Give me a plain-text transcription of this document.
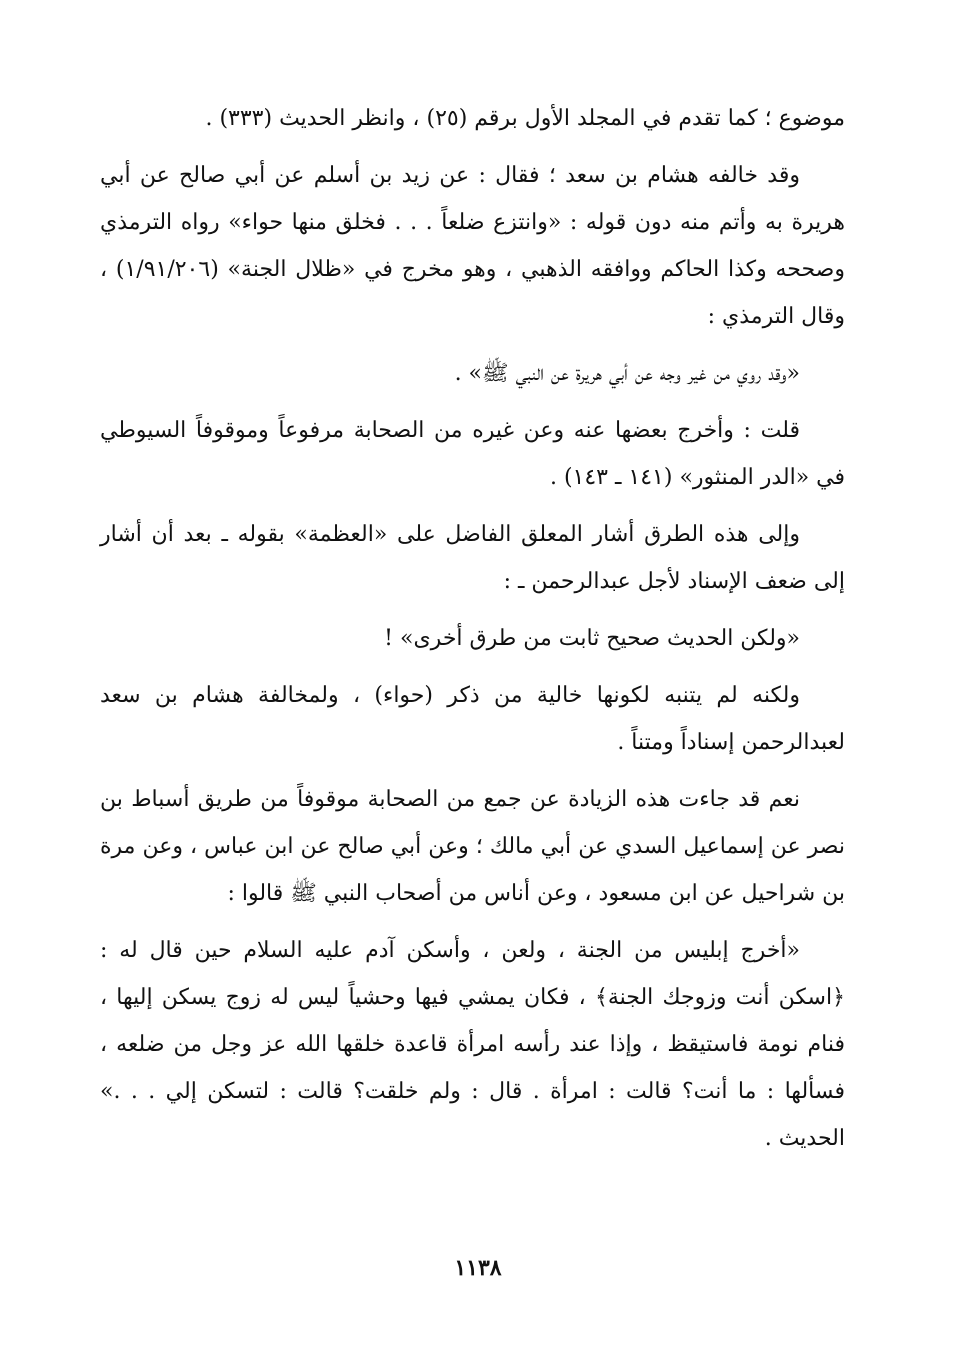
موضوع ؛ كما تقدم في المجلد الأول برقم (٢٥) ، وانظر الحديث (٣٣٣) .

وقد خالفه هشام بن سعد ؛ فقال : عن زيد بن أسلم عن أبي صالح عن أبي هريرة به وأتم منه دون قوله : «وانتزع ضلعاً . . . فخلق منها حواء» رواه الترمذي وصححه وكذا الحاكم ووافقه الذهبي ، وهو مخرج في «ظلال الجنة» (١/٩١/٢٠٦) ، وقال الترمذي :

«وقد روي من غير وجه عن أبي هريرة عن النبي ﷺ» .

قلت : وأخرج بعضها عنه وعن غيره من الصحابة مرفوعاً وموقوفاً السيوطي في «الدر المنثور» (١٤١ ـ ١٤٣) .

وإلى هذه الطرق أشار المعلق الفاضل على «العظمة» بقوله ـ بعد أن أشار إلى ضعف الإسناد لأجل عبدالرحمن ـ :

«ولكن الحديث صحيح ثابت من طرق أخرى» !

ولكنه لم يتنبه لكونها خالية من ذكر (حواء) ، ولمخالفة هشام بن سعد لعبدالرحمن إسناداً ومتناً .

نعم قد جاءت هذه الزيادة عن جمع من الصحابة موقوفاً من طريق أسباط بن نصر عن إسماعيل السدي عن أبي مالك ؛ وعن أبي صالح عن ابن عباس ، وعن مرة بن شراحيل عن ابن مسعود ، وعن أناس من أصحاب النبي ﷺ قالوا :

«أخرج إبليس من الجنة ، ولعن ، وأسكن آدم عليه السلام حين قال له : ﴿اسكن أنت وزوجك الجنة﴾ ، فكان يمشي فيها وحشياً ليس له زوج يسكن إليها ، فنام نومة فاستيقظ ، وإذا عند رأسه امرأة قاعدة خلقها الله عز وجل من ضلعه ، فسألها : ما أنت؟ قالت : امرأة . قال : ولم خلقت؟ قالت : لتسكن إلي . . .» الحديث .

١١٣٨
